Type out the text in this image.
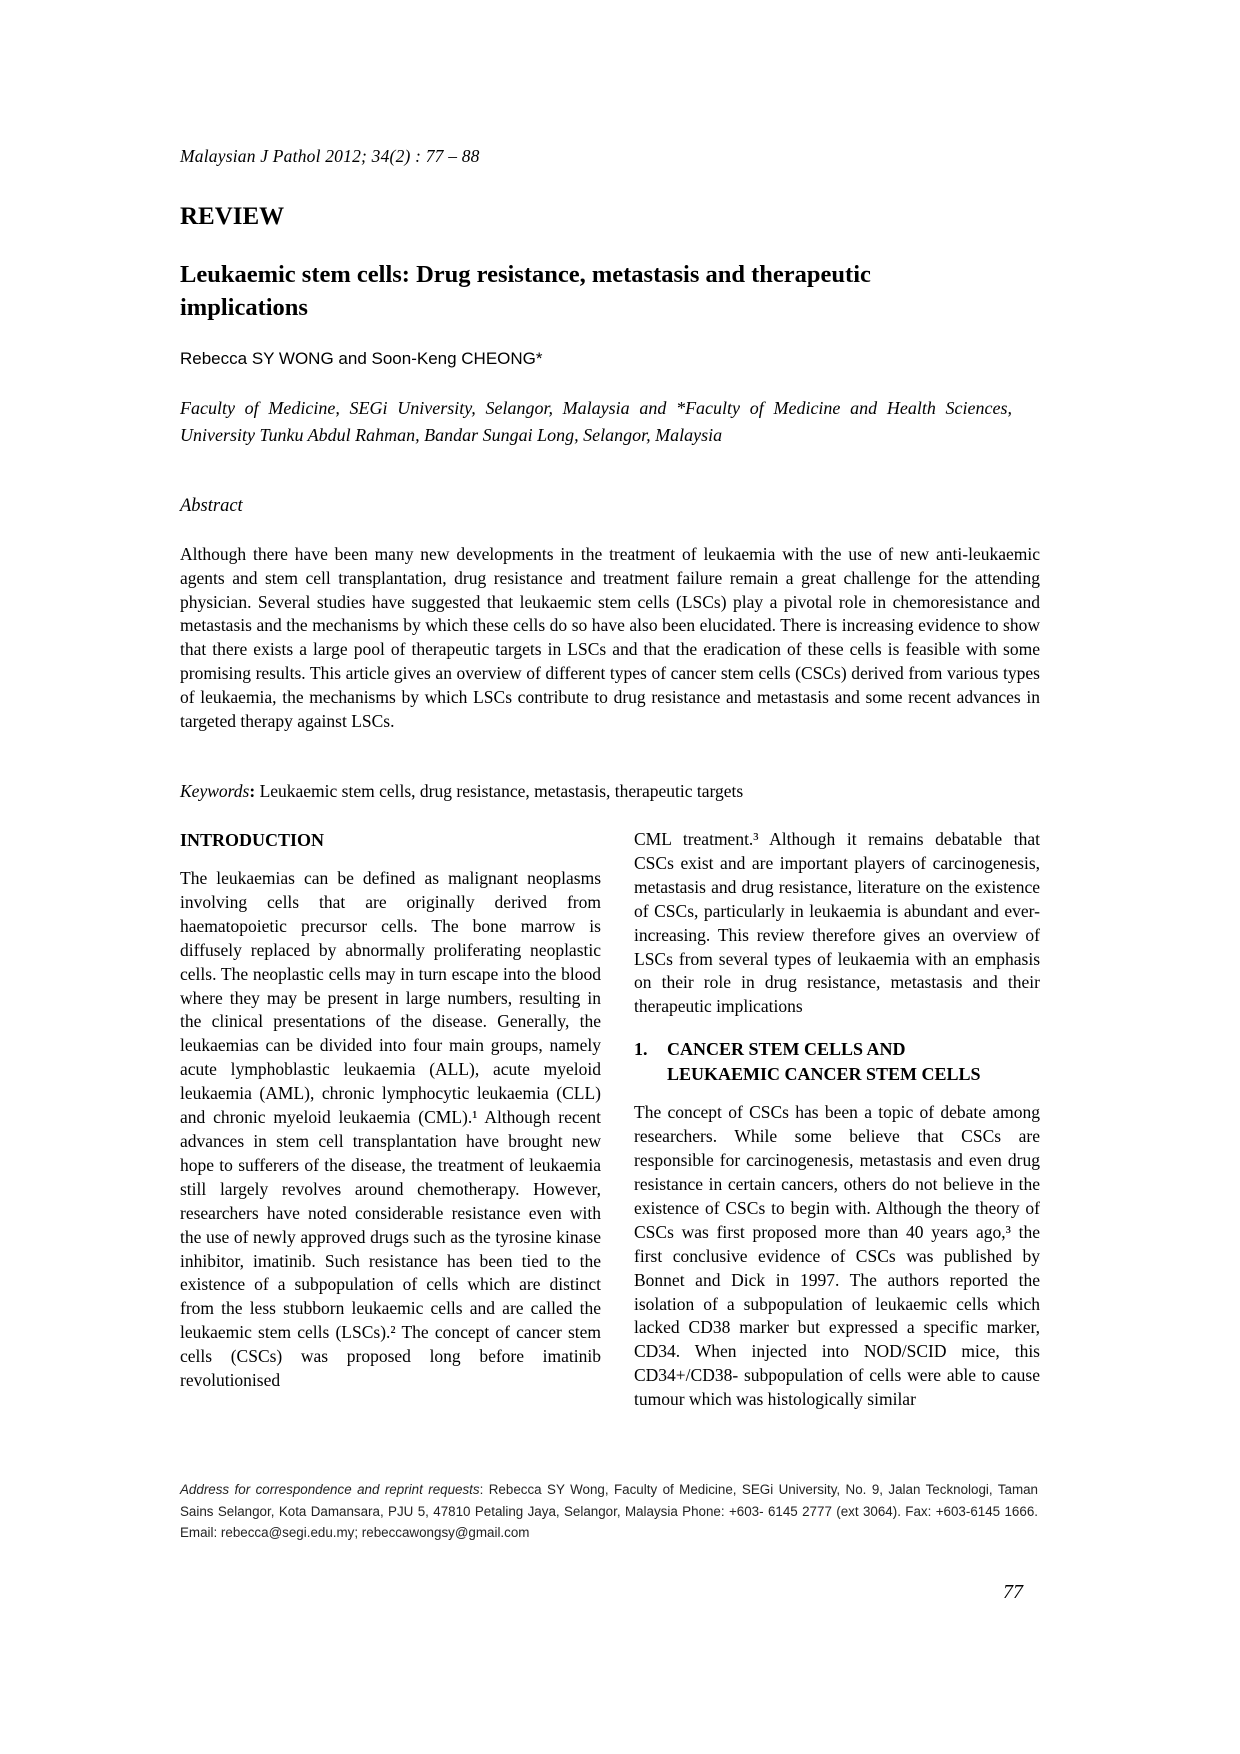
Malaysian J Pathol 2012; 34(2) : 77 – 88
REVIEW
Leukaemic stem cells: Drug resistance, metastasis and therapeutic implications
Rebecca SY WONG and Soon-Keng CHEONG*
Faculty of Medicine, SEGi University, Selangor, Malaysia and *Faculty of Medicine and Health Sciences, University Tunku Abdul Rahman, Bandar Sungai Long, Selangor, Malaysia
Abstract
Although there have been many new developments in the treatment of leukaemia with the use of new anti-leukaemic agents and stem cell transplantation, drug resistance and treatment failure remain a great challenge for the attending physician. Several studies have suggested that leukaemic stem cells (LSCs) play a pivotal role in chemoresistance and metastasis and the mechanisms by which these cells do so have also been elucidated. There is increasing evidence to show that there exists a large pool of therapeutic targets in LSCs and that the eradication of these cells is feasible with some promising results. This article gives an overview of different types of cancer stem cells (CSCs) derived from various types of leukaemia, the mechanisms by which LSCs contribute to drug resistance and metastasis and some recent advances in targeted therapy against LSCs.
Keywords: Leukaemic stem cells, drug resistance, metastasis, therapeutic targets
INTRODUCTION

The leukaemias can be defined as malignant neoplasms involving cells that are originally derived from haematopoietic precursor cells. The bone marrow is diffusely replaced by abnormally proliferating neoplastic cells. The neoplastic cells may in turn escape into the blood where they may be present in large numbers, resulting in the clinical presentations of the disease. Generally, the leukaemias can be divided into four main groups, namely acute lymphoblastic leukaemia (ALL), acute myeloid leukaemia (AML), chronic lymphocytic leukaemia (CLL) and chronic myeloid leukaemia (CML).¹ Although recent advances in stem cell transplantation have brought new hope to sufferers of the disease, the treatment of leukaemia still largely revolves around chemotherapy. However, researchers have noted considerable resistance even with the use of newly approved drugs such as the tyrosine kinase inhibitor, imatinib. Such resistance has been tied to the existence of a subpopulation of cells which are distinct from the less stubborn leukaemic cells and are called the leukaemic stem cells (LSCs).² The concept of cancer stem cells (CSCs) was proposed long before imatinib revolutionised

CML treatment.³ Although it remains debatable that CSCs exist and are important players of carcinogenesis, metastasis and drug resistance, literature on the existence of CSCs, particularly in leukaemia is abundant and ever-increasing. This review therefore gives an overview of LSCs from several types of leukaemia with an emphasis on their role in drug resistance, metastasis and their therapeutic implications

1.	CANCER STEM CELLS AND LEUKAEMIC CANCER STEM CELLS

The concept of CSCs has been a topic of debate among researchers. While some believe that CSCs are responsible for carcinogenesis, metastasis and even drug resistance in certain cancers, others do not believe in the existence of CSCs to begin with. Although the theory of CSCs was first proposed more than 40 years ago,³ the first conclusive evidence of CSCs was published by Bonnet and Dick in 1997. The authors reported the isolation of a subpopulation of leukaemic cells which lacked CD38 marker but expressed a specific marker, CD34. When injected into NOD/SCID mice, this CD34+/CD38- subpopulation of cells were able to cause tumour which was histologically similar

Address for correspondence and reprint requests: Rebecca SY Wong, Faculty of Medicine, SEGi University, No. 9, Jalan Tecknologi, Taman Sains Selangor, Kota Damansara, PJU 5, 47810 Petaling Jaya, Selangor, Malaysia Phone: +603- 6145 2777 (ext 3064). Fax: +603-6145 1666. Email: rebecca@segi.edu.my; rebeccawongsy@gmail.com
77
